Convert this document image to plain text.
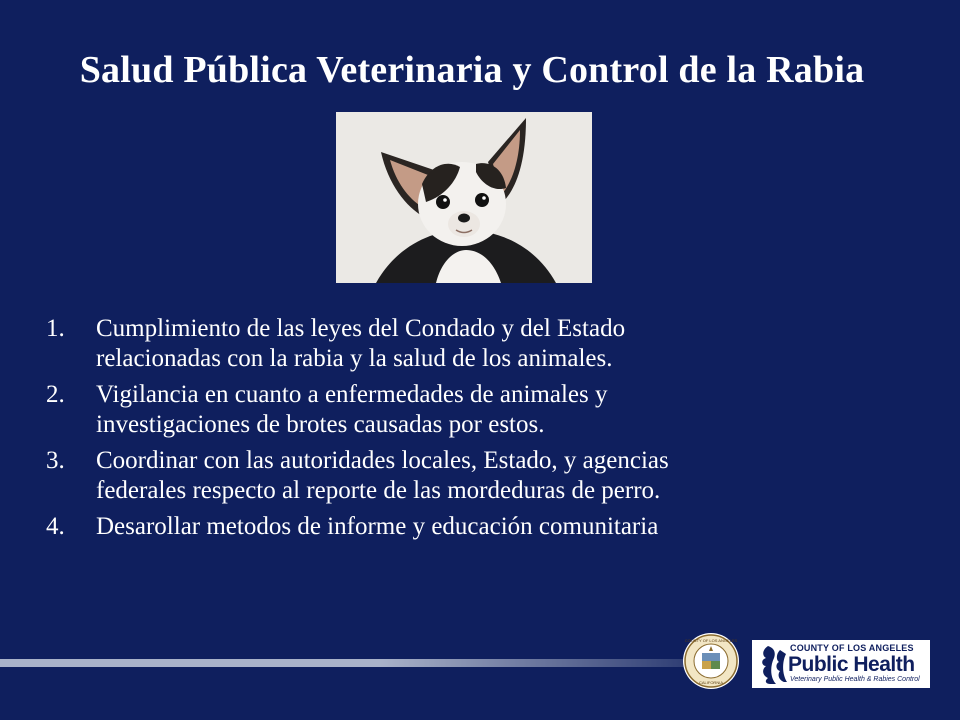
Salud Pública Veterinaria y Control de la Rabia
1. Cumplimiento de las leyes del Condado y del Estado
relacionadas con la rabia y la salud de los animales.
2. Vigilancia en cuanto a enfermedades de animales y
investigaciones de brotes causadas por estos.
3. Coordinar con las autoridades locales, Estado, y agencias
federales respecto al reporte de las mordeduras de perro.
4. Desarollar metodos de informe y educación comunitaria
COUNTY OF LOS ANGELES
CALIFORNIA
COUNTY OF LOS ANGELES
Public Health
Veterinary Public Health & Rabies Control
